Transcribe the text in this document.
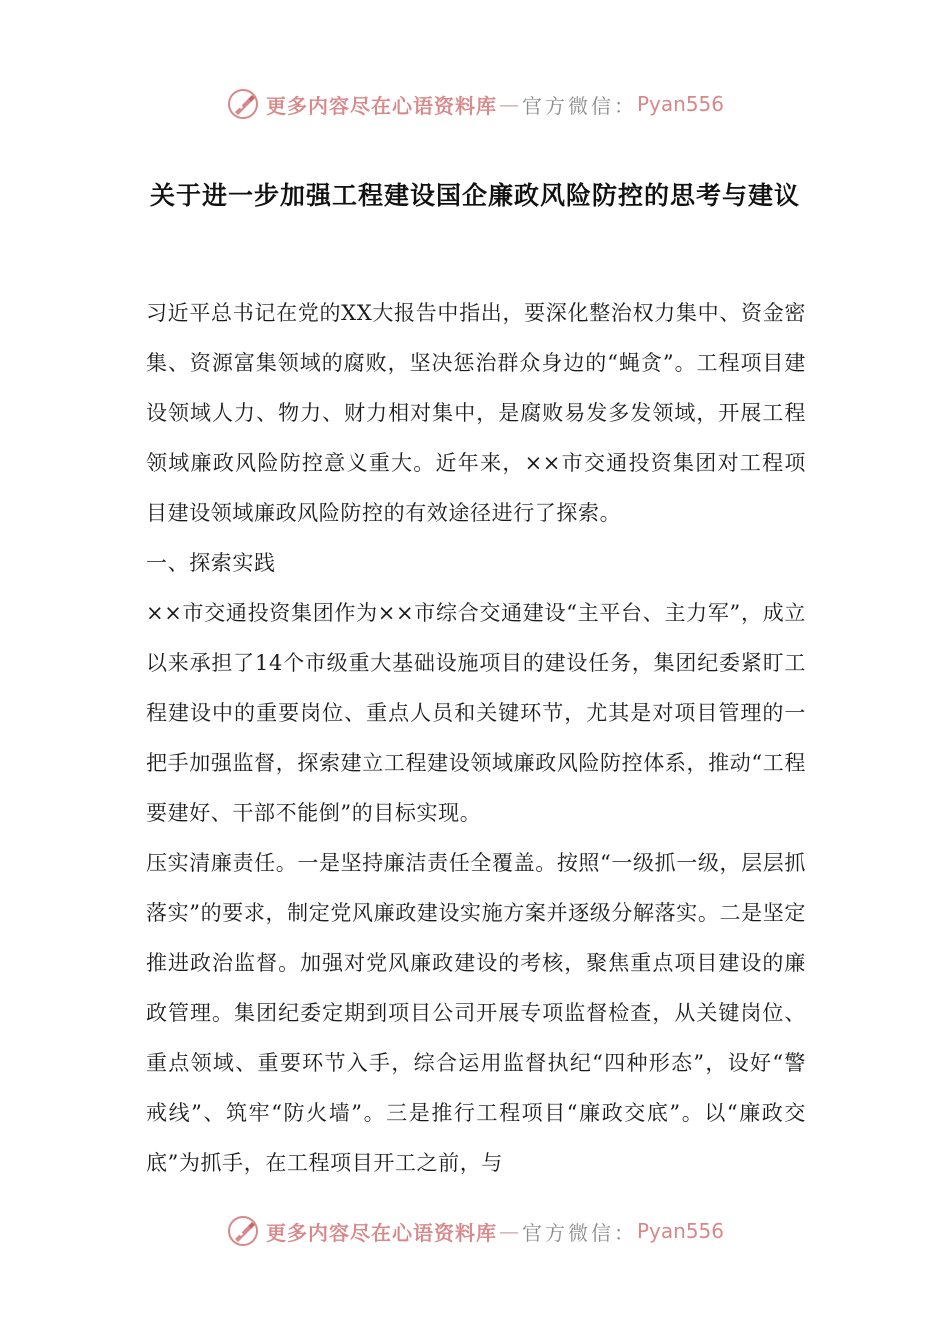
更多内容尽在心语资料库 — 官方微信： Pyan556
关于进一步加强工程建设国企廉政风险防控的思考与建议

习近平总书记在党的XX大报告中指出，要深化整治权力集中、资金密集、资源富集领域的腐败，坚决惩治群众身边的“蝇贪”。工程项目建设领域人力、物力、财力相对集中，是腐败易发多发领域，开展工程领域廉政风险防控意义重大。近年来，××市交通投资集团对工程项目建设领域廉政风险防控的有效途径进行了探索。

一、探索实践

××市交通投资集团作为××市综合交通建设“主平台、主力军”，成立以来承担了14个市级重大基础设施项目的建设任务，集团纪委紧盯工程建设中的重要岗位、重点人员和关键环节，尤其是对项目管理的一把手加强监督，探索建立工程建设领域廉政风险防控体系，推动“工程要建好、干部不能倒”的目标实现。

压实清廉责任。一是坚持廉洁责任全覆盖。按照“一级抓一级，层层抓落实”的要求，制定党风廉政建设实施方案并逐级分解落实。二是坚定推进政治监督。加强对党风廉政建设的考核，聚焦重点项目建设的廉政管理。集团纪委定期到项目公司开展专项监督检查，从关键岗位、重点领域、重要环节入手，综合运用监督执纪“四种形态”，设好“警戒线”、筑牢“防火墙”。三是推行工程项目“廉政交底”。以“廉政交底”为抓手，在工程项目开工之前，与

更多内容尽在心语资料库 — 官方微信： Pyan556
